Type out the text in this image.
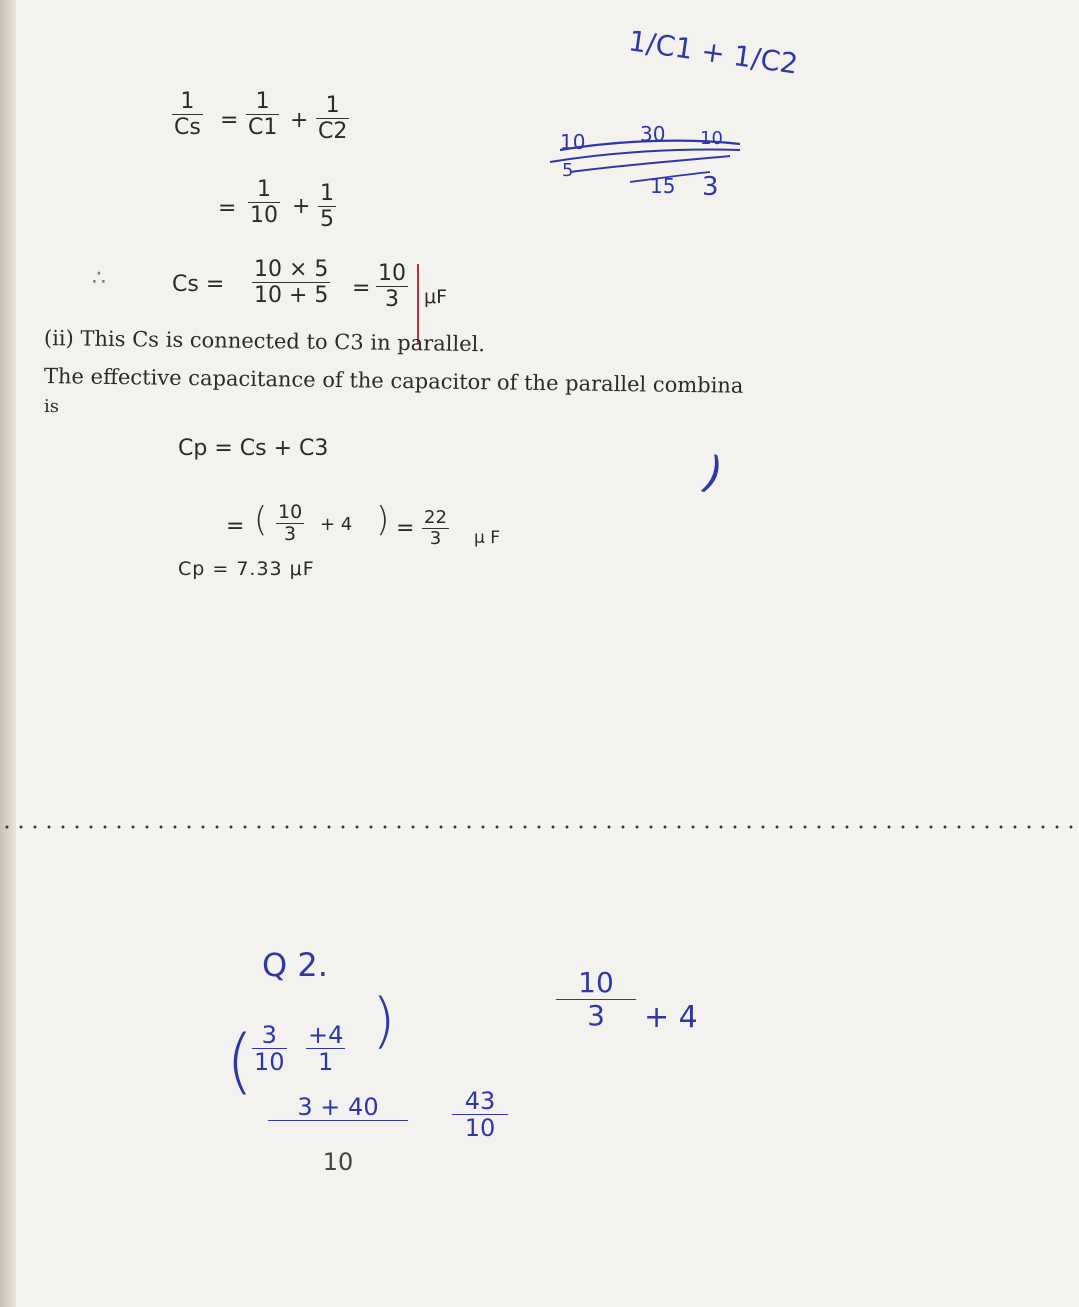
1
Cs =
1
C1 +
1
C2
=
1
10 +
1
5
∴	Cs =
10 × 5
10 + 5 =
10
3 μF
(ii) This Cs is connected to C3 in parallel.
The effective capacitance of the capacitor of the parallel combina
is
Cp = Cs + C3
= ( 10
3 + 4 ) = 22
3 μ F
Cp = 7.33 μF
1/C1 + 1/C2
10	30 10
5
15 3
)
Q 2.	10
3 + 4
( 3
10
+4
1
)
3 + 40
10
43
10
